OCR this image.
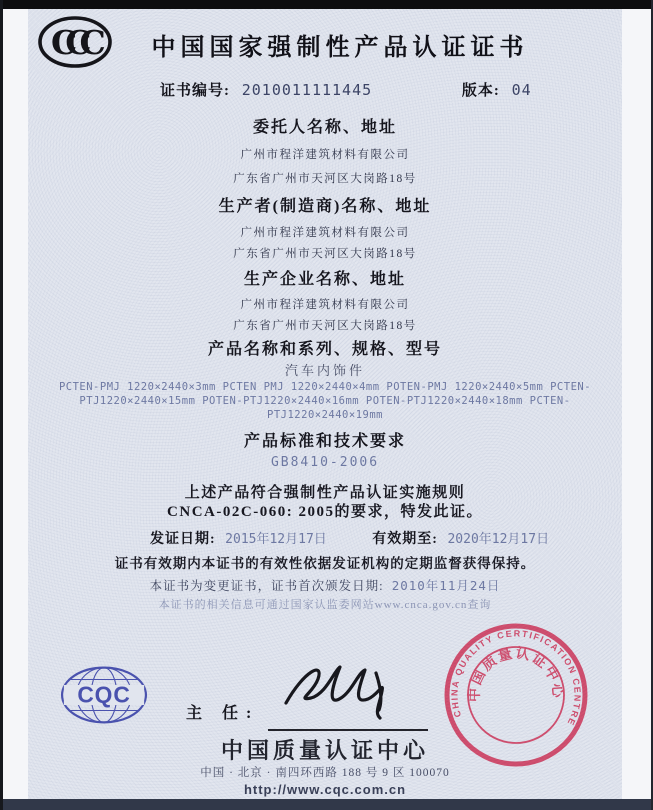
CCC	中国国家强制性产品认证证书
证书编号: 2010011111445	版本: 04
委托人名称、地址
广州市程洋建筑材料有限公司
广东省广州市天河区大岗路18号
生产者(制造商)名称、地址
广州市程洋建筑材料有限公司
广东省广州市天河区大岗路18号
生产企业名称、地址
广州市程洋建筑材料有限公司
广东省广州市天河区大岗路18号
产品名称和系列、规格、型号
汽车内饰件
PCTEN-PMJ 1220×2440×3mm PCTEN PMJ 1220×2440×4mm POTEN-PMJ 1220×2440×5mm PCTEN-PTJ1220×2440×15mm POTEN-PTJ1220×2440×16mm POTEN-PTJ1220×2440×18mm PCTEN-PTJ1220×2440×19mm
产品标准和技术要求
GB8410-2006
上述产品符合强制性产品认证实施规则
CNCA-02C-060: 2005的要求，特发此证。
发证日期: 2015年12月17日	有效期至: 2020年12月17日
证书有效期内本证书的有效性依据发证机构的定期监督获得保持。
本证书为变更证书，证书首次颁发日期: 2010年11月24日
本证书的相关信息可通过国家认监委网站www.cnca.gov.cn查询
CQC
主 任:
中国质量认证中心
中国 · 北京 · 南四环西路 188 号 9 区 100070
http://www.cqc.com.cn
CHINA QUALITY CERTIFICATION CENTRE
中国质量认证中心
